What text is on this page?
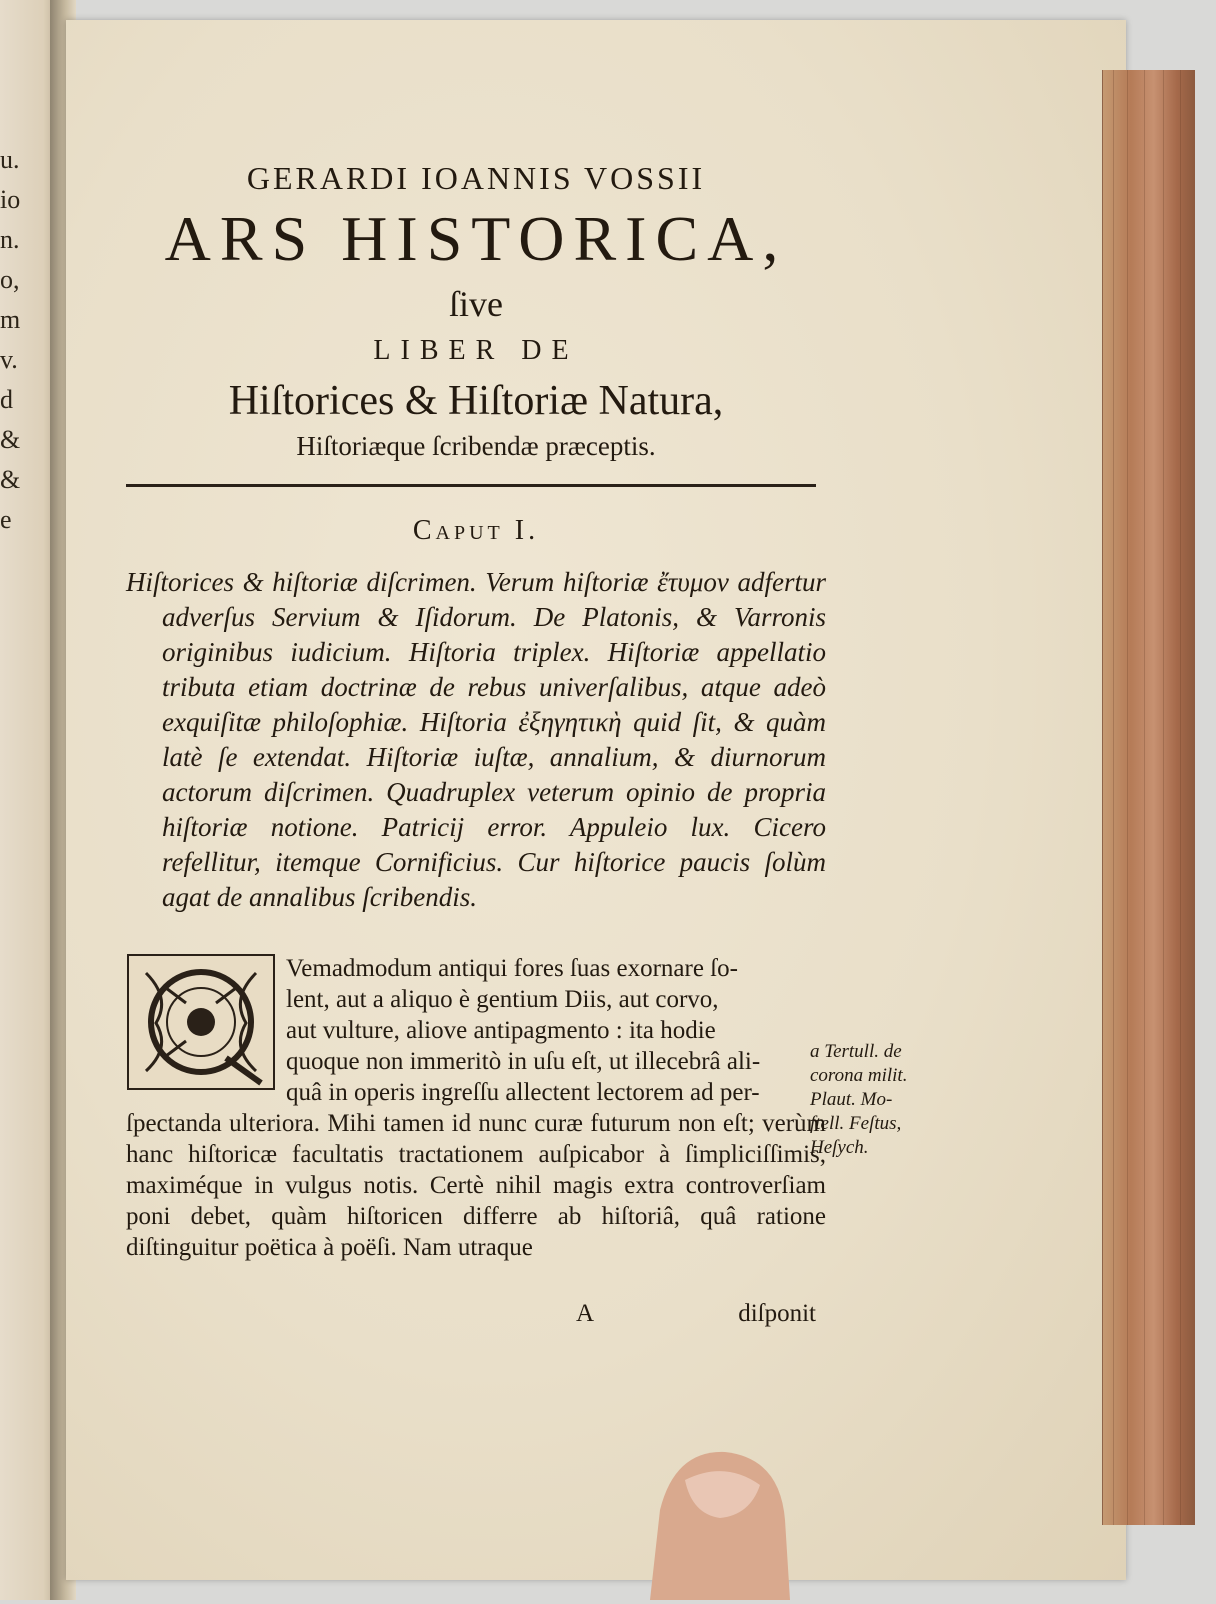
u.
io
n.
o,
m
v.
d
&
&
e

GERARDI IOANNIS VOSSII

ARS HISTORICA,

ſive

LIBER DE

Hiſtorices & Hiſtoriæ Natura,

Hiſtoriæque ſcribendæ præceptis.

Caput I.

Hiſtorices & hiſtoriæ diſcrimen. Verum hiſtoriæ ἔτυμον adfertur adverſus Servium & Iſidorum. De Platonis, & Varronis originibus iudicium. Hiſtoria triplex. Hiſtoriæ appellatio tributa etiam doctrinæ de rebus univerſalibus, atque adeò exquiſitæ philoſophiæ. Hiſtoria ἐξηγητικὴ quid ſit, & quàm latè ſe extendat. Hiſtoriæ iuſtæ, annalium, & diurnorum actorum diſcrimen. Quadruplex veterum opinio de propria hiſtoriæ notione. Patricij error. Appuleio lux. Cicero refellitur, itemque Cornificius. Cur hiſtorice paucis ſolùm agat de annalibus ſcribendis.

Vemadmodum antiqui fores ſuas exornare ſo-
lent, aut a aliquo è gentium Diis, aut corvo,
aut vulture, aliove antipagmento : ita hodie
quoque non immeritò in uſu eſt, ut illecebrâ ali-
quâ in operis ingreſſu allectent lectorem ad per-
ſpectanda ulteriora. Mihi tamen id nunc curæ futurum non eſt; verùm hanc hiſtoricæ facultatis tractationem auſpicabor à ſimpliciſſimis, maximéque in vulgus notis. Certè nihil magis extra controverſiam poni debet, quàm hiſtoricen differre ab hiſtoriâ, quâ ratione diſtinguitur poëtica à poëſi. Nam utraque
a Tertull. de
corona milit.
Plaut. Mo-
ſtell. Feſtus,
Heſych.
A	diſponit
